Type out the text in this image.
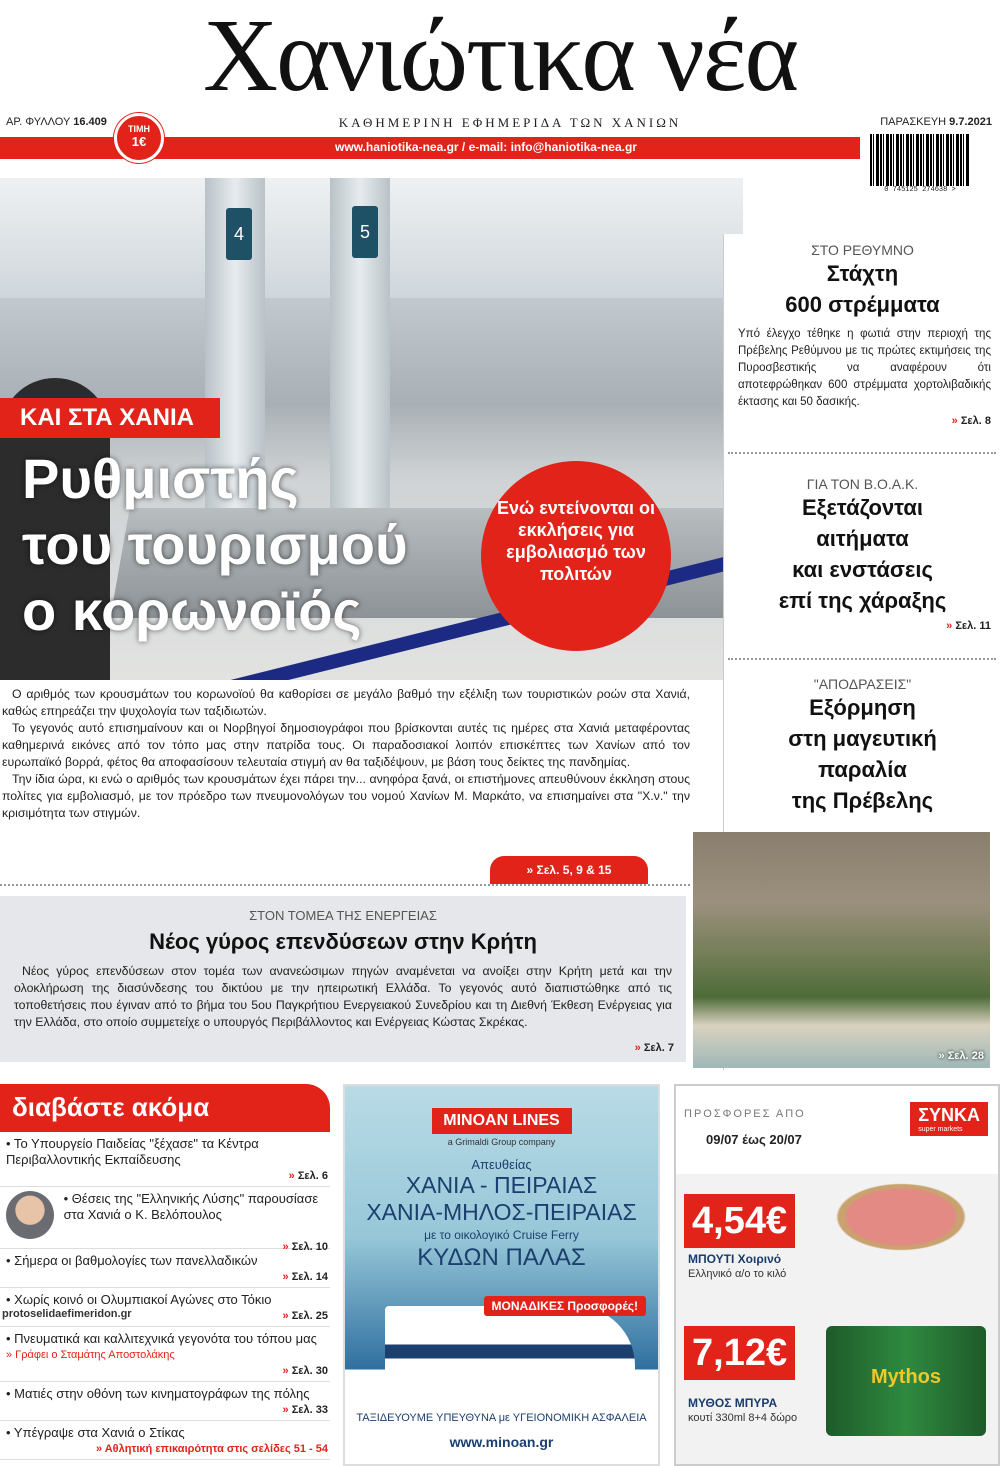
Χανιώτικα νέα
ΑΡ. ΦΥΛΛΟΥ 16.409	ΚΑΘΗΜΕΡΙΝΗ ΕΦΗΜΕΡΙΔΑ ΤΩΝ ΧΑΝΙΩΝ	ΠΑΡΑΣΚΕΥΗ 9.7.2021
www.haniotika-nea.gr / e-mail: info@haniotika-nea.gr
ΤΙΜΗ
1€
0 745125 274638 >
4	5
ΚΑΙ ΣΤΑ ΧΑΝΙΑ
Ρυθμιστής
του τουρισμού
ο κορωνοϊός
Ενώ εντείνονται οι εκκλήσεις για εμβολιασμό των πολιτών

Ο αριθμός των κρουσμάτων του κορωνοϊού θα καθορίσει σε μεγάλο βαθμό την εξέλιξη των τουριστικών ροών στα Χανιά, καθώς επηρεάζει την ψυχολογία των ταξιδιωτών.

Το γεγονός αυτό επισημαίνουν και οι Νορβηγοί δημοσιογράφοι που βρίσκονται αυτές τις ημέρες στα Χανιά μεταφέροντας καθημερινά εικόνες από τον τόπο μας στην πατρίδα τους. Οι παραδοσιακοί λοιπόν επισκέπτες των Χανίων από τον ευρωπαϊκό βορρά, φέτος θα αποφασίσουν τελευταία στιγμή αν θα ταξιδέψουν, με βάση τους δείκτες της πανδημίας.

Την ίδια ώρα, κι ενώ ο αριθμός των κρουσμάτων έχει πάρει την... ανηφόρα ξανά, οι επιστήμονες απευθύνουν έκκληση στους πολίτες για εμβολιασμό, με τον πρόεδρο των πνευμονολόγων του νομού Χανίων Μ. Μαρκάτο, να επισημαίνει στα "Χ.ν." την κρισιμότητα των στιγμών.

» Σελ. 5, 9 & 15
ΣΤΟΝ ΤΟΜΕΑ ΤΗΣ ΕΝΕΡΓΕΙΑΣ
Νέος γύρος επενδύσεων στην Κρήτη
Νέος γύρος επενδύσεων στον τομέα των ανανεώσιμων πηγών αναμένεται να ανοίξει στην Κρήτη μετά και την ολοκλήρωση της διασύνδεσης του δικτύου με την ηπειρωτική Ελλάδα. Το γεγονός αυτό διαπιστώθηκε από τις τοποθετήσεις που έγιναν από το βήμα του 5ου Παγκρήτιου Ενεργειακού Συνεδρίου και τη Διεθνή Έκθεση Ενέργειας για την Ελλάδα, στο οποίο συμμετείχε ο υπουργός Περιβάλλοντος και Ενέργειας Κώστας Σκρέκας.
» Σελ. 7
ΣΤΟ ΡΕΘΥΜΝΟ
Στάχτη
600 στρέμματα
Υπό έλεγχο τέθηκε η φωτιά στην περιοχή της Πρέβελης Ρεθύμνου με τις πρώτες εκτιμήσεις της Πυροσβεστικής να αναφέρουν ότι αποτεφρώθηκαν 600 στρέμματα χορτολιβαδικής έκτασης και 50 δασικής.
» Σελ. 8
ΓΙΑ ΤΟΝ Β.Ο.Α.Κ.
Εξετάζονται
αιτήματα
και ενστάσεις
επί της χάραξης
» Σελ. 11
"ΑΠΟΔΡΑΣΕΙΣ"
Εξόρμηση
στη μαγευτική
παραλία
της Πρέβελης
» Σελ. 28
διαβάστε ακόμα
• Το Υπουργείο Παιδείας "ξέχασε" τα Κέντρα Περιβαλλοντικής Εκπαίδευσης
» Σελ. 6
• Θέσεις της "Ελληνικής Λύσης" παρουσίασε στα Χανιά ο Κ. Βελόπουλος
» Σελ. 10
• Σήμερα οι βαθμολογίες των πανελλαδικών
» Σελ. 14
• Χωρίς κοινό οι Ολυμπιακοί Αγώνες στο Τόκιο
» Σελ. 25
• Πνευματικά και καλλιτεχνικά γεγονότα του τόπου μας
» Γράφει ο Σταμάτης Αποστολάκης
» Σελ. 30
• Ματιές στην οθόνη των κινηματογράφων της πόλης
» Σελ. 33
• Υπέγραψε στα Χανιά ο Στίκας
» Αθλητική επικαιρότητα στις σελίδες 51 - 54
protoselidaefimeridon.gr
MINOAN LINES
a Grimaldi Group company
Απευθείας
ΧΑΝΙΑ - ΠΕΙΡΑΙΑΣ
ΧΑΝΙΑ-ΜΗΛΟΣ-ΠΕΙΡΑΙΑΣ
με το οικολογικό Cruise Ferry
ΚΥΔΩΝ ΠΑΛΑΣ
ΜΟΝΑΔΙΚΕΣ Προσφορές!
ΤΑΞΙΔΕΥΟΥΜΕ ΥΠΕΥΘΥΝΑ με ΥΓΕΙΟΝΟΜΙΚΗ ΑΣΦΑΛΕΙΑ
www.minoan.gr
ΠΡΟΣΦΟΡΕΣ ΑΠΟ
09/07 έως 20/07
ΣΥΝΚΑ
super markets
4,54€
ΜΠΟΥΤΙ Χοιρινό
Ελληνικό α/ο το κιλό
Mythos
7,12€
ΜΥΘΟΣ ΜΠΥΡΑ
κουτί 330ml 8+4 δώρο
